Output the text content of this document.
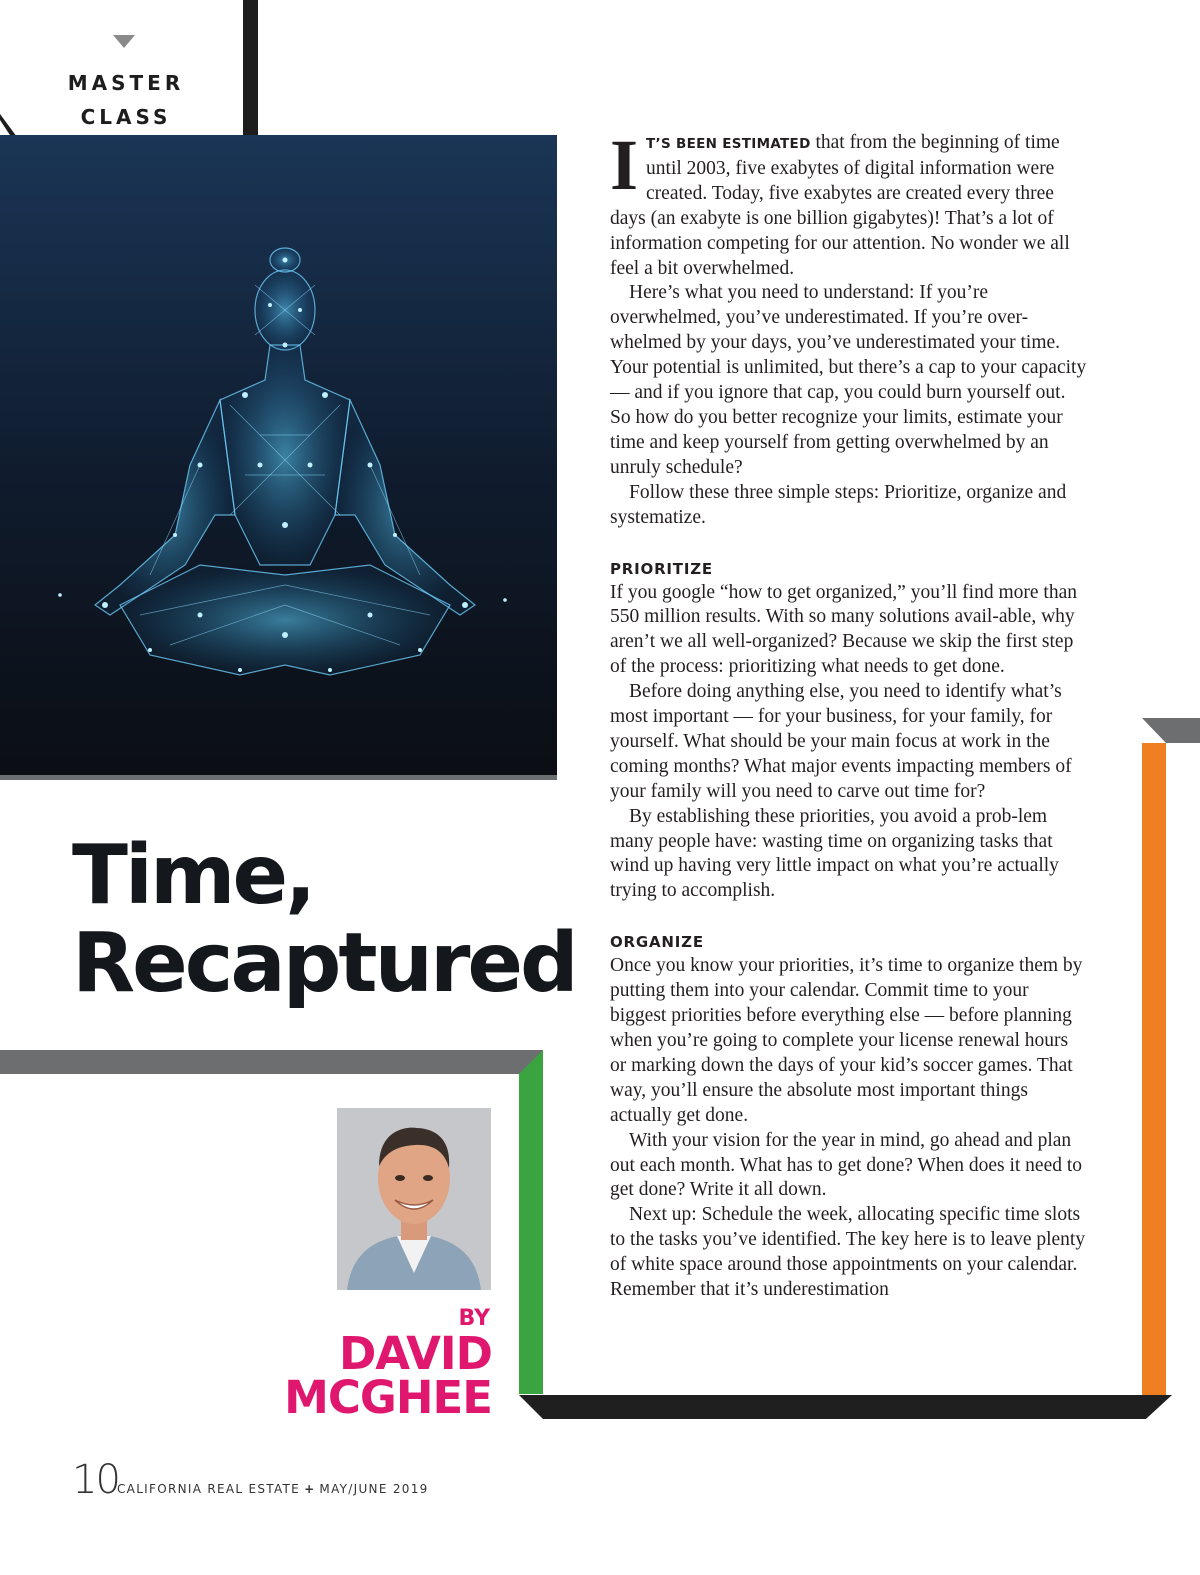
MASTER
CLASS
Time,
Recaptured
BY
DAVID
MCGHEE
10
CALIFORNIA REAL ESTATE + MAY/JUNE 2019

I T’S BEEN ESTIMATED that from the beginning of time until 2003, five exabytes of digital information were created. Today, five exabytes are created every three days (an exabyte is one billion gigabytes)! That’s a lot of information competing for our attention. No wonder we all feel a bit overwhelmed.

Here’s what you need to understand: If you’re overwhelmed, you’ve underestimated. If you’re over-whelmed by your days, you’ve underestimated your time. Your potential is unlimited, but there’s a cap to your capacity — and if you ignore that cap, you could burn yourself out. So how do you better recognize your limits, estimate your time and keep yourself from getting overwhelmed by an unruly schedule?

Follow these three simple steps: Prioritize, organize and systematize.

PRIORITIZE

If you google “how to get organized,” you’ll find more than 550 million results. With so many solutions avail-able, why aren’t we all well-organized? Because we skip the first step of the process: prioritizing what needs to get done.

Before doing anything else, you need to identify what’s most important — for your business, for your family, for yourself. What should be your main focus at work in the coming months? What major events impacting members of your family will you need to carve out time for?

By establishing these priorities, you avoid a prob-lem many people have: wasting time on organizing tasks that wind up having very little impact on what you’re actually trying to accomplish.

ORGANIZE

Once you know your priorities, it’s time to organize them by putting them into your calendar. Commit time to your biggest priorities before everything else — before planning when you’re going to complete your license renewal hours or marking down the days of your kid’s soccer games. That way, you’ll ensure the absolute most important things actually get done.

With your vision for the year in mind, go ahead and plan out each month. What has to get done? When does it need to get done? Write it all down.

Next up: Schedule the week, allocating specific time slots to the tasks you’ve identified. The key here is to leave plenty of white space around those appointments on your calendar. Remember that it’s underestimation
